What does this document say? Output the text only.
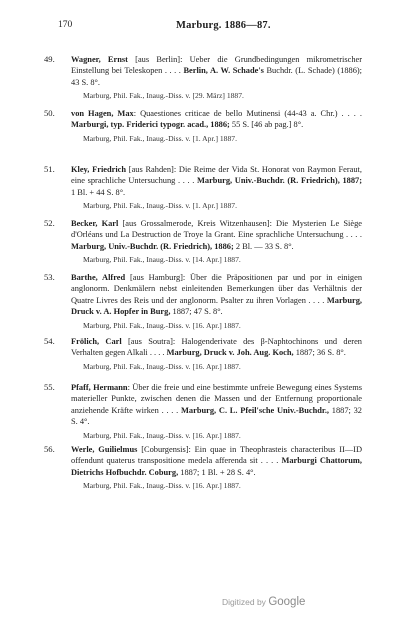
170	Marburg. 1886—87.
49. Wagner, Ernst [aus Berlin]: Ueber die Grundbedingungen mikrometrischer Einstellung bei Teleskopen . . . . Berlin, A. W. Schade's Buchdr. (L. Schade) (1886); 43 S. 8°.
Marburg, Phil. Fak., Inaug.-Diss. v. [29. März] 1887.
50. von Hagen, Max: Quaestiones criticae de bello Mutinensi (44-43 a. Chr.) . . . . Marburgi, typ. Friderici typogr. acad., 1886; 55 S. [46 ab pag.] 8°.
Marburg, Phil. Fak., Inaug.-Diss. v. [1. Apr.] 1887.
51. Kley, Friedrich [aus Rahden]: Die Reime der Vida St. Honorat von Raymon Feraut, eine sprachliche Untersuchung . . . . Marburg, Univ.-Buchdr. (R. Friedrich), 1887; 1 Bl. + 44 S. 8°.
Marburg, Phil. Fak., Inaug.-Diss. v. [1. Apr.] 1887.
52. Becker, Karl [aus Grossalmerode, Kreis Witzenhausen]: Die Mysterien Le Siège d'Orléans und La Destruction de Troye la Grant. Eine sprachliche Untersuchung . . . . Marburg, Univ.-Buchdr. (R. Friedrich), 1886; 2 Bl. — 33 S. 8°.
Marburg, Phil. Fak., Inaug.-Diss. v. [14. Apr.] 1887.
53. Barthe, Alfred [aus Hamburg]: Über die Präpositionen par und por in einigen anglonorm. Denkmälern nebst einleitenden Bemerkungen über das Verhältnis der Quatre Livres des Reis und der anglonorm. Psalter zu ihren Vorlagen . . . . Marburg, Druck v. A. Hopfer in Burg, 1887; 47 S. 8°.
Marburg, Phil. Fak., Inaug.-Diss. v. [16. Apr.] 1887.
54. Frölich, Carl [aus Soutra]: Halogenderivate des β-Naphtochinons und deren Verhalten gegen Alkali . . . . Marburg, Druck v. Joh. Aug. Koch, 1887; 36 S. 8°.
Marburg, Phil. Fak., Inaug.-Diss. v. [16. Apr.] 1887.
55. Pfaff, Hermann: Über die freie und eine bestimmte unfreie Bewegung eines Systems materieller Punkte, zwischen denen die Massen und der Entfernung proportionale anziehende Kräfte wirken . . . . Marburg, C. L. Pfeil'sche Univ.-Buchdr., 1887; 32 S. 4°.
Marburg, Phil. Fak., Inaug.-Diss. v. [16. Apr.] 1887.
56. Werle, Guilielmus [Coburgensis]: Ein quae in Theophrasteis characteribus II—ID offendunt quaterus transpositione medela afferenda sit . . . . Marburgi Chattorum, Dietrichs Hofbuchdr. Coburg, 1887; 1 Bl. + 28 S. 4°.
Marburg, Phil. Fak., Inaug.-Diss. v. [16. Apr.] 1887.
Digitized by Google
